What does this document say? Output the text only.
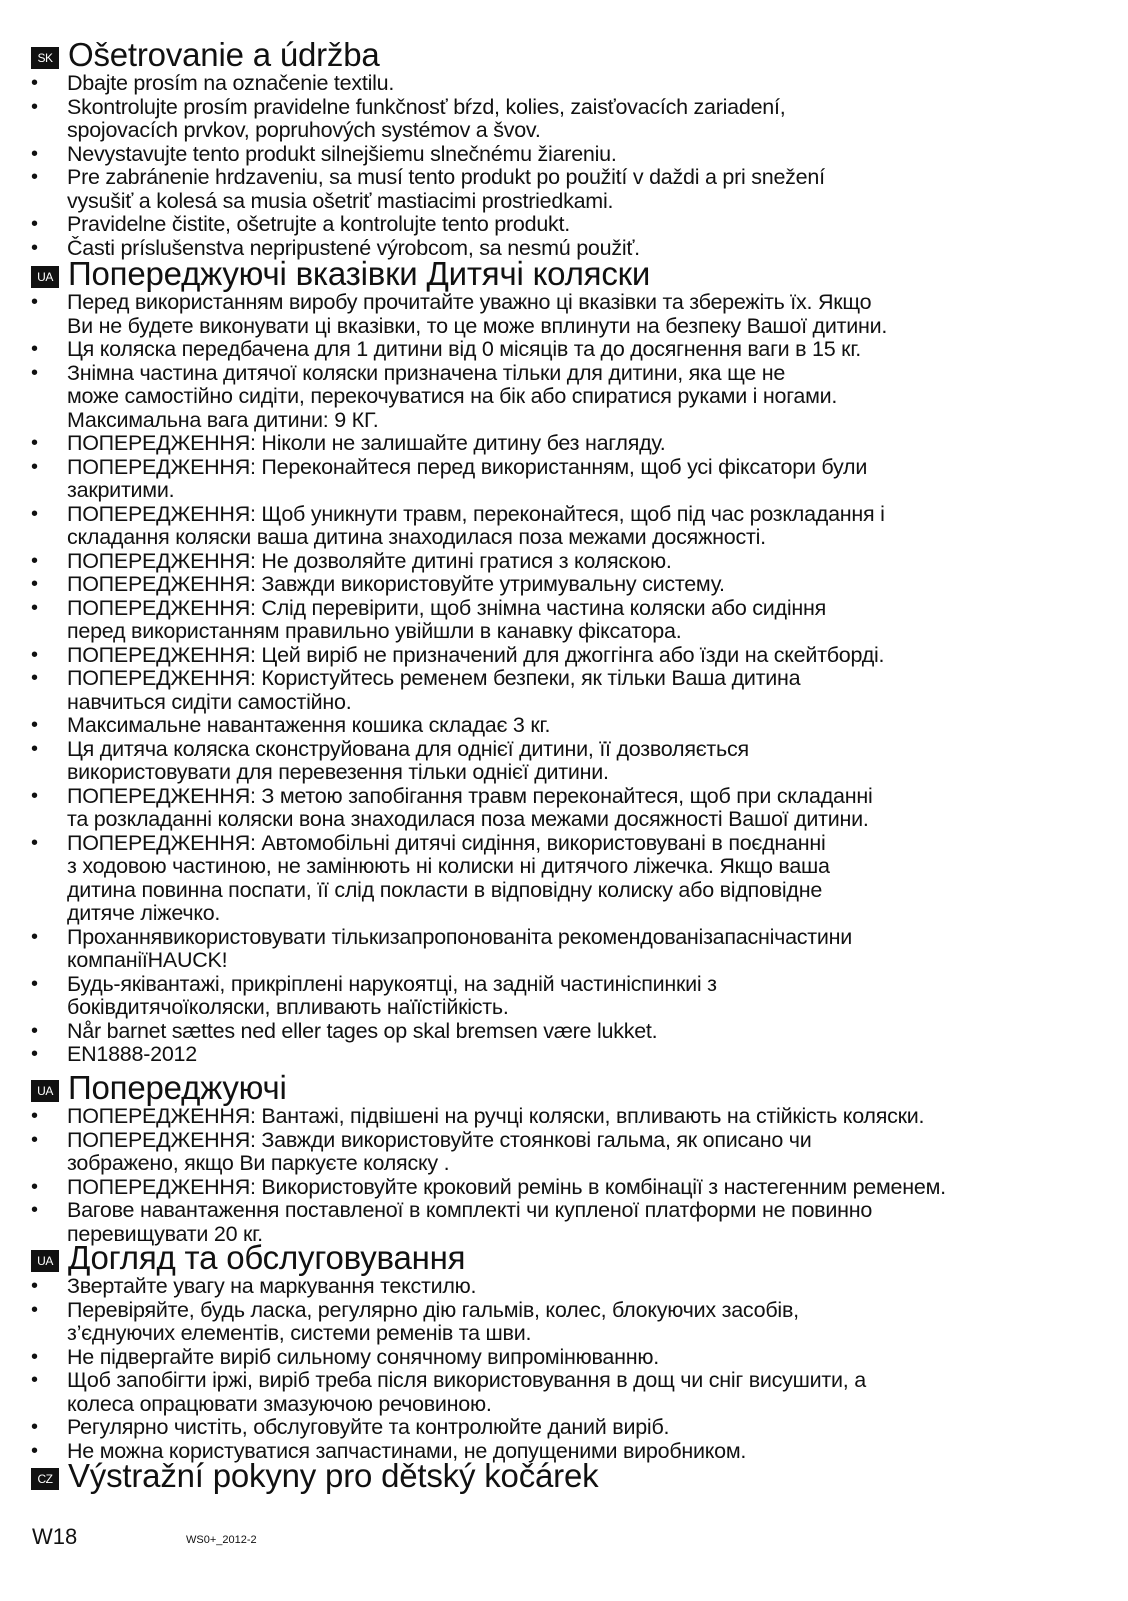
SK Ošetrovanie a údržba
• Dbajte prosím na označenie textilu.
• Skontrolujte prosím pravidelne funkčnosť bŕzd, kolies, zaisťovacích zariadení,
spojovacích prvkov, popruhových systémov a švov.
• Nevystavujte tento produkt silnejšiemu slnečnému žiareniu.
• Pre zabránenie hrdzaveniu, sa musí tento produkt po použití v daždi a pri snežení
vysušiť a kolesá sa musia ošetriť mastiacimi prostriedkami.
• Pravidelne čistite, ošetrujte a kontrolujte tento produkt.
• Časti príslušenstva nepripustené výrobcom, sa nesmú použiť.
UA Попереджуючі вказівки Дитячі коляски
• Перед використанням виробу прочитайте уважно ці вказівки та збережіть їх. Якщо
Ви не будете виконувати ці вказівки, то це може вплинути на безпеку Вашої дитини.
• Ця коляска передбачена для 1 дитини від 0 місяців та до досягнення ваги в 15 кг.
• Знімна частина дитячої коляски призначена тільки для дитини, яка ще не
може самостійно сидіти, перекочуватися на бік або спиратися руками і ногами.
Максимальна вага дитини: 9 КГ.
• ПОПЕРЕДЖЕННЯ: Ніколи не залишайте дитину без нагляду.
• ПОПЕРЕДЖЕННЯ: Переконайтеся перед використанням, щоб усі фіксатори були
закритими.
• ПОПЕРЕДЖЕННЯ: Щоб уникнути травм, переконайтеся, щоб під час розкладання і
складання коляски ваша дитина знаходилася поза межами досяжності.
• ПОПЕРЕДЖЕННЯ: Не дозволяйте дитині гратися з коляскою.
• ПОПЕРЕДЖЕННЯ: Завжди використовуйте утримувальну систему.
• ПОПЕРЕДЖЕННЯ: Слід перевірити, щоб знімна частина коляски або сидіння
перед використанням правильно увійшли в канавку фіксатора.
• ПОПЕРЕДЖЕННЯ: Цей виріб не призначений для джоггінга або їзди на скейтборді.
• ПОПЕРЕДЖЕННЯ: Користуйтесь ременем безпеки, як тільки Ваша дитина
навчиться сидіти самостійно.
• Максимальне навантаження кошика складає 3 кг.
• Ця дитяча коляска сконструйована для однієї дитини, її дозволяється
використовувати для перевезення тільки однієї дитини.
• ПОПЕРЕДЖЕННЯ: З метою запобігання травм переконайтеся, щоб при складанні
та розкладанні коляски вона знаходилася поза межами досяжності Вашої дитини.
• ПОПЕРЕДЖЕННЯ: Автомобільні дитячі сидіння, використовувані в поєднанні
з ходовою частиною, не замінюють ні колиски ні дитячого ліжечка. Якщо ваша
дитина повинна поспати, її слід покласти в відповідну колиску або відповідне
дитяче ліжечко.
• Проханнявикористовувати тількизапропонованіта рекомендованізапаснічастини
компаніїHAUCK!
• Будь-яківантажі, прикріплені нарукоятці, на задній частиніспинкиі з
боківдитячоїколяски, впливають наїїстійкість.
• Når barnet sættes ned eller tages op skal bremsen være lukket.
• EN1888-2012
UA Попереджуючі
• ПОПЕРЕДЖЕННЯ: Вантажі, підвішені на ручці коляски, впливають на стійкість коляски.
• ПОПЕРЕДЖЕННЯ: Завжди використовуйте стоянкові гальма, як описано чи
зображено, якщо Ви паркуєте коляску .
• ПОПЕРЕДЖЕННЯ: Використовуйте кроковий ремінь в комбінації з настегенним ременем.
• Вагове навантаження поставленої в комплекті чи купленої платформи не повинно
перевищувати 20 кг.
UA Догляд та обслуговування
• Звертайте увагу на маркування текстилю.
• Перевіряйте, будь ласка, регулярно дію гальмів, колес, блокуючих засобів,
з’єднуючих елементів, системи ременів та шви.
• Не підвергайте виріб сильному сонячному випромінюванню.
• Щоб запобігти іржі, виріб треба після використовування в дощ чи сніг висушити, а
колеса опрацювати змазуючою речовиною.
• Регулярно чистіть, обслуговуйте та контролюйте даний виріб.
• Не можна користуватися запчастинами, не допущеними виробником.
CZ Výstražní pokyny pro dětský kočárek
W18	WS0+_2012-2
